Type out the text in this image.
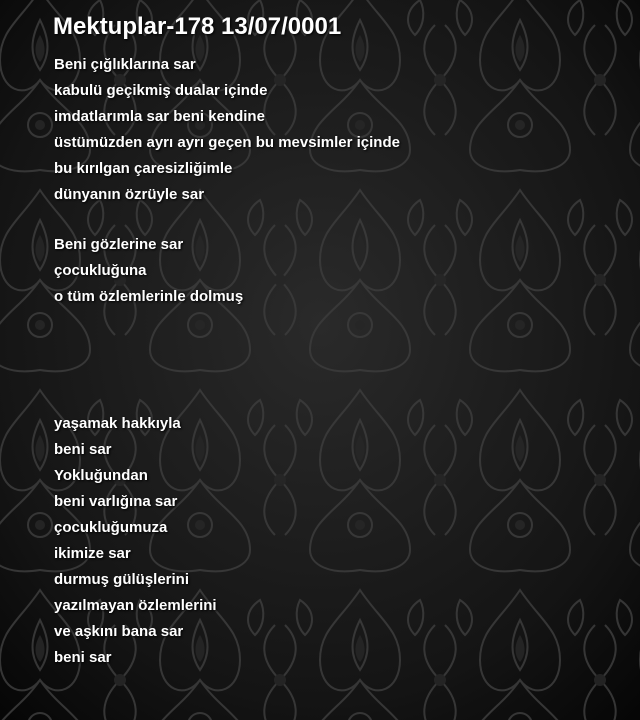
Mektuplar-178 13/07/0001
Beni çığlıklarına sar
kabulü geçikmiş dualar içinde
imdatlarımla sar beni kendine
üstümüzden ayrı ayrı geçen bu mevsimler içinde
bu kırılgan çaresizliğimle
dünyanın özrüyle sar
Beni gözlerine sar
çocukluğuna
o tüm özlemlerinle dolmuş
yaşamak hakkıyla
beni sar
Yokluğundan
beni varlığına sar
çocukluğumuza
ikimize sar
durmuş gülüşlerini
yazılmayan özlemlerini
ve aşkını bana sar
beni sar
